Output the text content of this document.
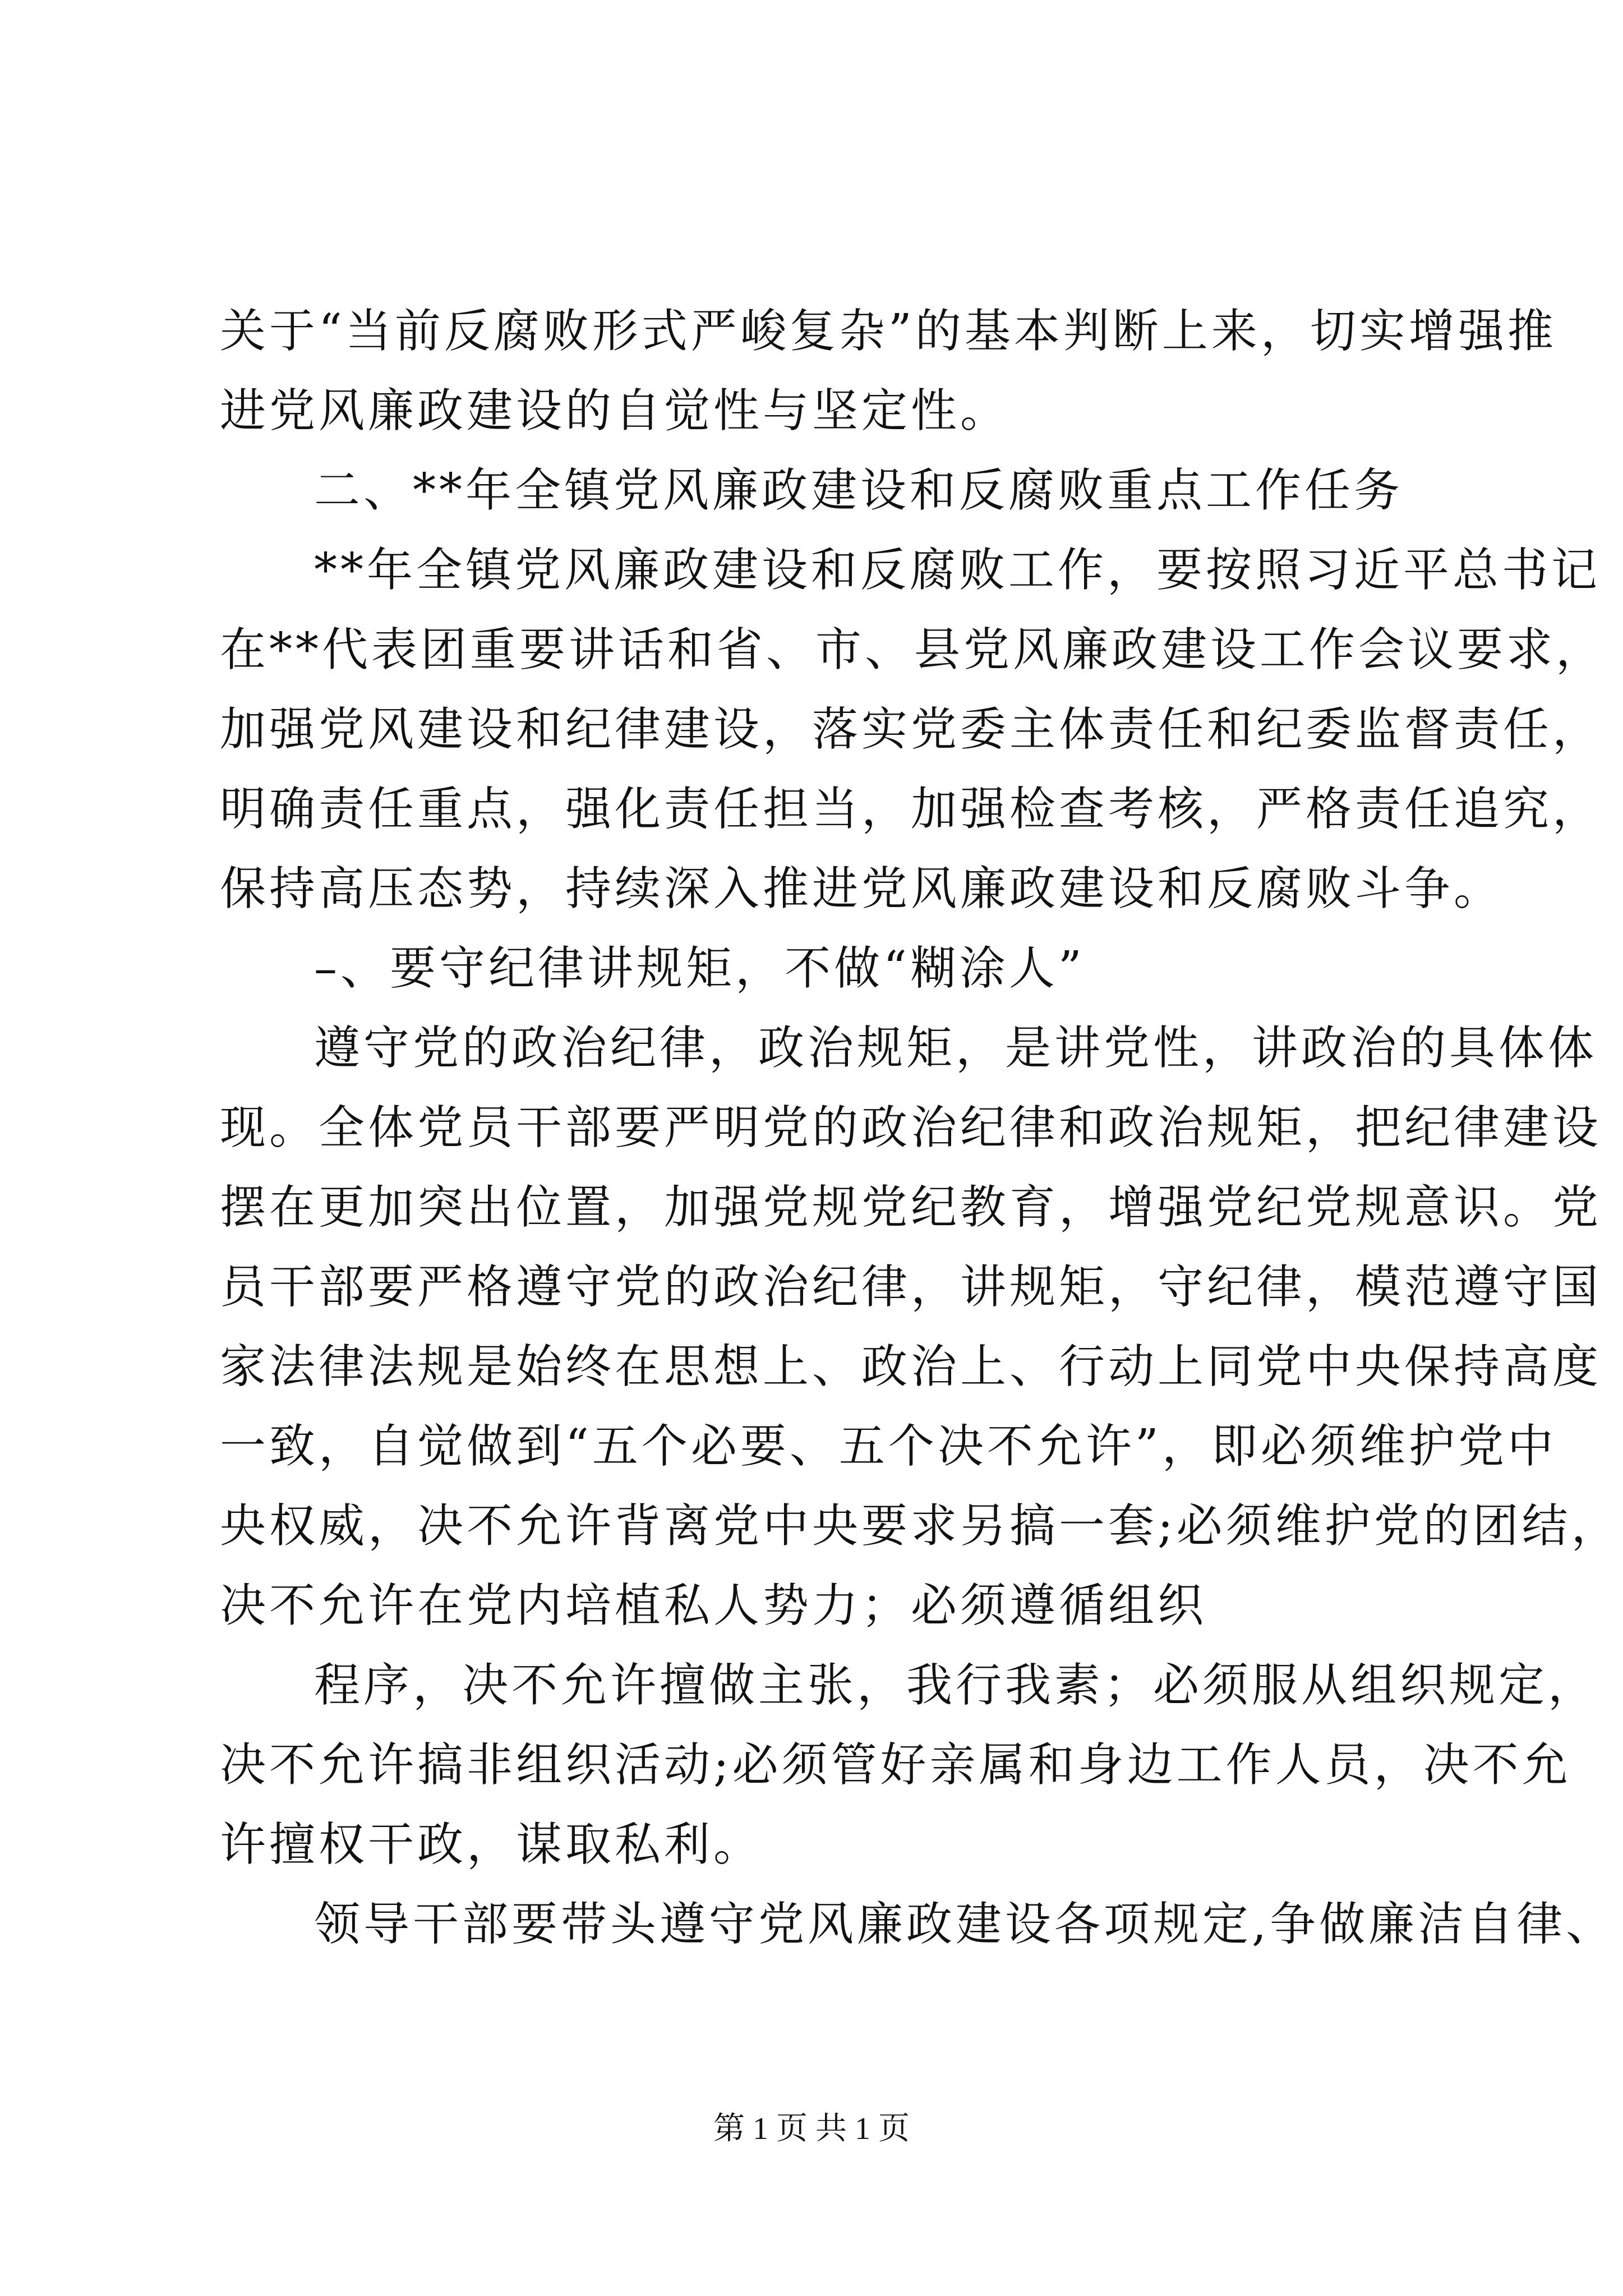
关于“当前反腐败形式严峻复杂”的基本判断上来，切实增强推
进党风廉政建设的自觉性与坚定性。
二、**年全镇党风廉政建设和反腐败重点工作任务
**年全镇党风廉政建设和反腐败工作，要按照习近平总书记
在**代表团重要讲话和省、市、县党风廉政建设工作会议要求，
加强党风建设和纪律建设，落实党委主体责任和纪委监督责任，
明确责任重点，强化责任担当，加强检查考核，严格责任追究，
保持高压态势，持续深入推进党风廉政建设和反腐败斗争。
–、要守纪律讲规矩，不做“糊涂人”
遵守党的政治纪律，政治规矩，是讲党性，讲政治的具体体
现。全体党员干部要严明党的政治纪律和政治规矩，把纪律建设
摆在更加突出位置，加强党规党纪教育，增强党纪党规意识。党
员干部要严格遵守党的政治纪律，讲规矩，守纪律，模范遵守国
家法律法规是始终在思想上、政治上、行动上同党中央保持高度
一致，自觉做到“五个必要、五个决不允许”，即必须维护党中
央权威，决不允许背离党中央要求另搞一套;必须维护党的团结，
决不允许在党内培植私人势力；必须遵循组织
程序，决不允许擅做主张，我行我素；必须服从组织规定，
决不允许搞非组织活动;必须管好亲属和身边工作人员，决不允
许擅权干政，谋取私利。
领导干部要带头遵守党风廉政建设各项规定,争做廉洁自律、
第 1 页 共 1 页
